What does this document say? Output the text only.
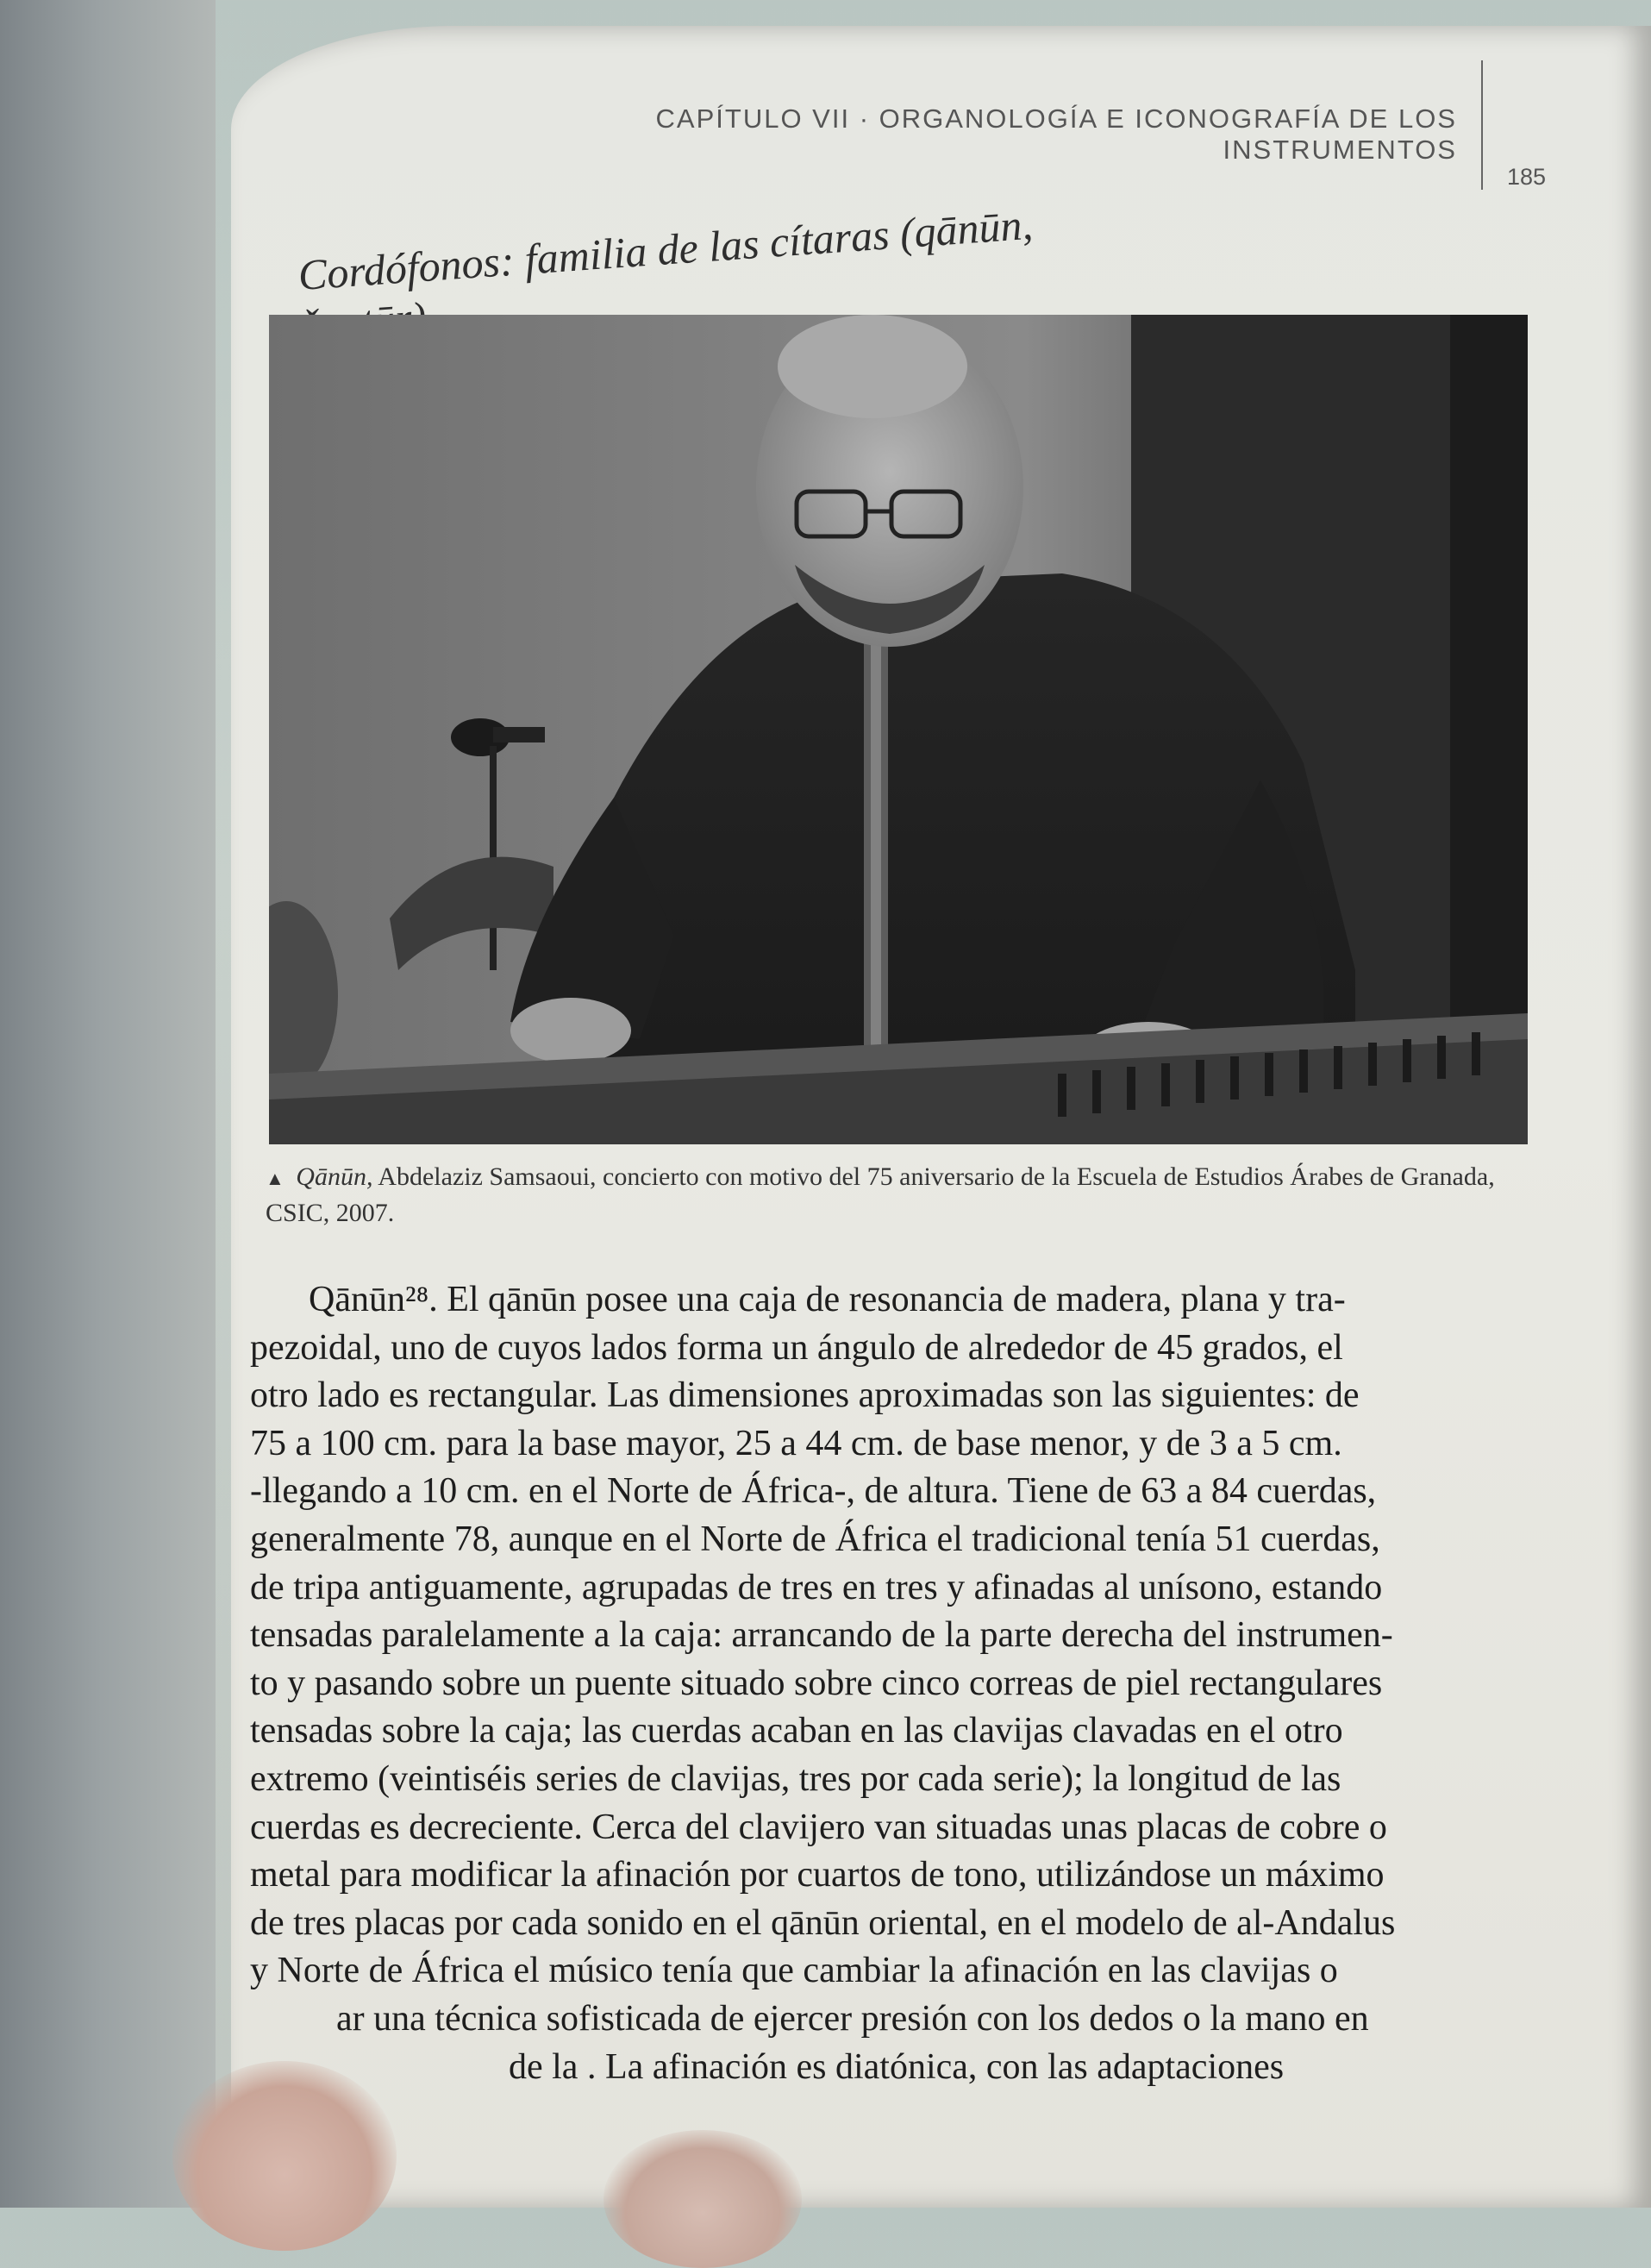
CAPÍTULO VII · ORGANOLOGÍA E ICONOGRAFÍA DE LOS INSTRUMENTOS
185
Cordófonos: familia de las cítaras (qānūn,
▲ Qānūn, Abdelaziz Samsaoui, concierto con motivo del 75 aniversario de la Escuela de Estudios Árabes de Granada, CSIC, 2007.
Qānūn²⁸. El qānūn posee una caja de resonancia de madera, plana y tra-
pezoidal, uno de cuyos lados forma un ángulo de alrededor de 45 grados, el
otro lado es rectangular. Las dimensiones aproximadas son las siguientes: de
75 a 100 cm. para la base mayor, 25 a 44 cm. de base menor, y de 3 a 5 cm.
-llegando a 10 cm. en el Norte de África-, de altura. Tiene de 63 a 84 cuerdas,
generalmente 78, aunque en el Norte de África el tradicional tenía 51 cuerdas,
de tripa antiguamente, agrupadas de tres en tres y afinadas al unísono, estando
tensadas paralelamente a la caja: arrancando de la parte derecha del instrumen-
to y pasando sobre un puente situado sobre cinco correas de piel rectangulares
tensadas sobre la caja; las cuerdas acaban en las clavijas clavadas en el otro
extremo (veintiséis series de clavijas, tres por cada serie); la longitud de las
cuerdas es decreciente. Cerca del clavijero van situadas unas placas de cobre o
metal para modificar la afinación por cuartos de tono, utilizándose un máximo
de tres placas por cada sonido en el qānūn oriental, en el modelo de al-Andalus
y Norte de África el músico tenía que cambiar la afinación en las clavijas o
ar una técnica sofisticada de ejercer presión con los dedos o la mano en
de la . La afinación es diatónica, con las adaptaciones
